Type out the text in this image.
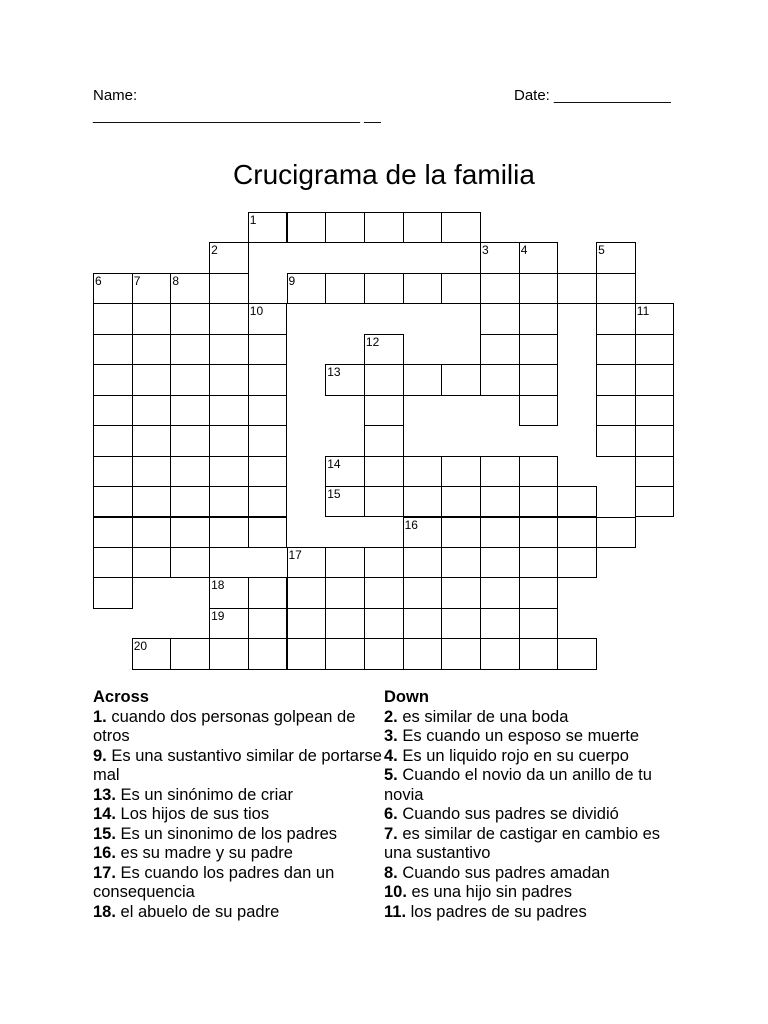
Name:
________________________________ __
Date: ______________
Crucigrama de la familia
1
2	3	4	5
6	7	8	9
10	11
12
13
14
15
16
17
18
19
20
Across
1. cuando dos personas golpean de otros
9. Es una sustantivo similar de portarse mal
13. Es un sinónimo de criar
14. Los hijos de sus tios
15. Es un sinonimo de los padres
16. es su madre y su padre
17. Es cuando los padres dan un consequencia
18. el abuelo de su padre
Down
2. es similar de una boda
3. Es cuando un esposo se muerte
4. Es un liquido rojo en su cuerpo
5. Cuando el novio da un anillo de tu novia
6. Cuando sus padres se dividió
7. es similar de castigar en cambio es una sustantivo
8. Cuando sus padres amadan
10. es una hijo sin padres
11. los padres de su padres
